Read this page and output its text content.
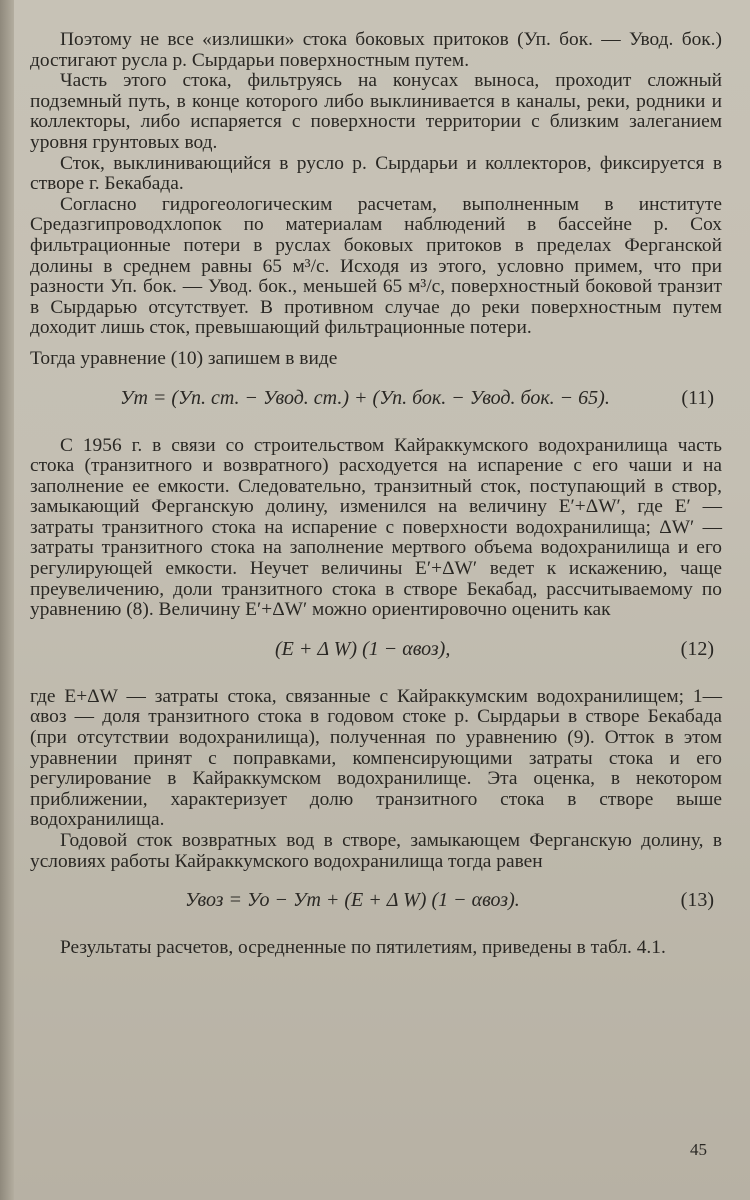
Поэтому не все «излишки» стока боковых притоков (Уп. бок. — Увод. бок.) достигают русла р. Сырдарьи поверхностным путем.

Часть этого стока, фильтруясь на конусах выноса, проходит сложный подземный путь, в конце которого либо выклинивается в каналы, реки, родники и коллекторы, либо испаряется с поверхности территории с близким залеганием уровня грунтовых вод.

Сток, выклинивающийся в русло р. Сырдарьи и коллекторов, фиксируется в створе г. Бекабада.

Согласно гидрогеологическим расчетам, выполненным в институте Средазгипроводхлопок по материалам наблюдений в бассейне р. Сох фильтрационные потери в руслах боковых притоков в пределах Ферганской долины в среднем равны 65 м³/с. Исходя из этого, условно примем, что при разности Уп. бок. — Увод. бок., меньшей 65 м³/с, поверхностный боковой транзит в Сырдарью отсутствует. В противном случае до реки поверхностным путем доходит лишь сток, превышающий фильтрационные потери.

Тогда уравнение (10) запишем в виде

Ут = (Уп. ст. − Увод. ст.) + (Уп. бок. − Увод. бок. − 65).	(11)

С 1956 г. в связи со строительством Кайраккумского водохранилища часть стока (транзитного и возвратного) расходуется на испарение с его чаши и на заполнение ее емкости. Следовательно, транзитный сток, поступающий в створ, замыкающий Ферганскую долину, изменился на величину E′+ΔW′, где E′ — затраты транзитного стока на испарение с поверхности водохранилища; ΔW′ — затраты транзитного стока на заполнение мертвого объема водохранилища и его регулирующей емкости. Неучет величины E′+ΔW′ ведет к искажению, чаще преувеличению, доли транзитного стока в створе Бекабад, рассчитываемому по уравнению (8). Величину E′+ΔW′ можно ориентировочно оценить как

(E + Δ W) (1 − αвоз),	(12)

где E+ΔW — затраты стока, связанные с Кайраккумским водохранилищем; 1—αвоз — доля транзитного стока в годовом стоке р. Сырдарьи в створе Бекабада (при отсутствии водохранилища), полученная по уравнению (9). Отток в этом уравнении принят с поправками, компенсирующими затраты стока и его регулирование в Кайраккумском водохранилище. Эта оценка, в некотором приближении, характеризует долю транзитного стока в створе выше водохранилища.

Годовой сток возвратных вод в створе, замыкающем Ферганскую долину, в условиях работы Кайраккумского водохранилища тогда равен

Увоз = Уо − Ут + (E + Δ W) (1 − αвоз).	(13)

Результаты расчетов, осредненные по пятилетиям, приведены в табл. 4.1.

45
